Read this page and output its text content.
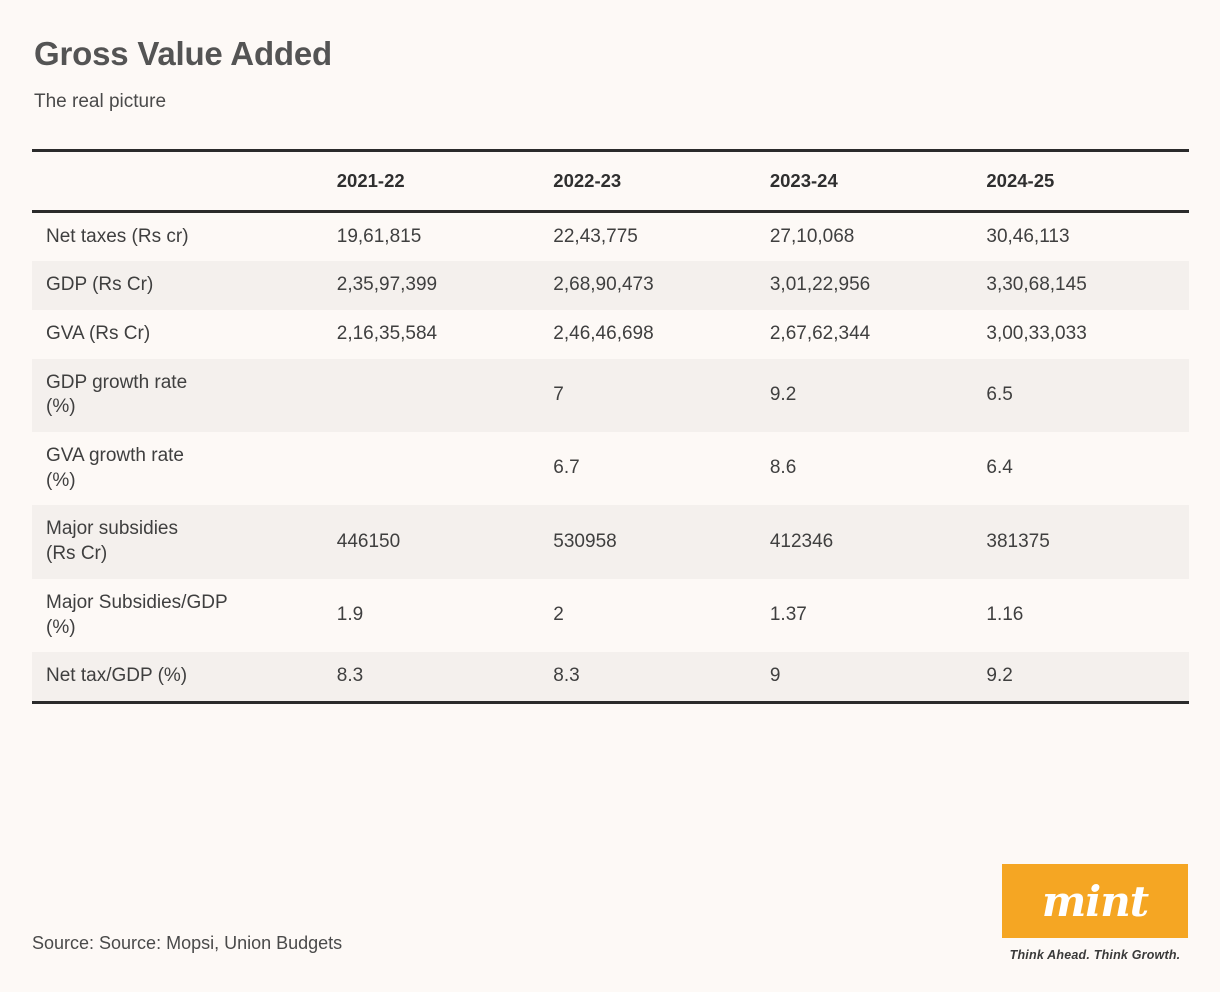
Gross Value Added
The real picture
	2021-22	2022-23	2023-24	2024-25
Net taxes (Rs cr)	19,61,815	22,43,775	27,10,068	30,46,113
GDP (Rs Cr)	2,35,97,399	2,68,90,473	3,01,22,956	3,30,68,145
GVA (Rs Cr)	2,16,35,584	2,46,46,698	2,67,62,344	3,00,33,033
GDP growth rate
(%)		7	9.2	6.5
GVA growth rate
(%)		6.7	8.6	6.4
Major subsidies
(Rs Cr)	446150	530958	412346	381375
Major Subsidies/GDP
(%)	1.9	2	1.37	1.16
Net tax/GDP (%)	8.3	8.3	9	9.2
Source: Source: Mopsi, Union Budgets
mint
Think Ahead. Think Growth.
